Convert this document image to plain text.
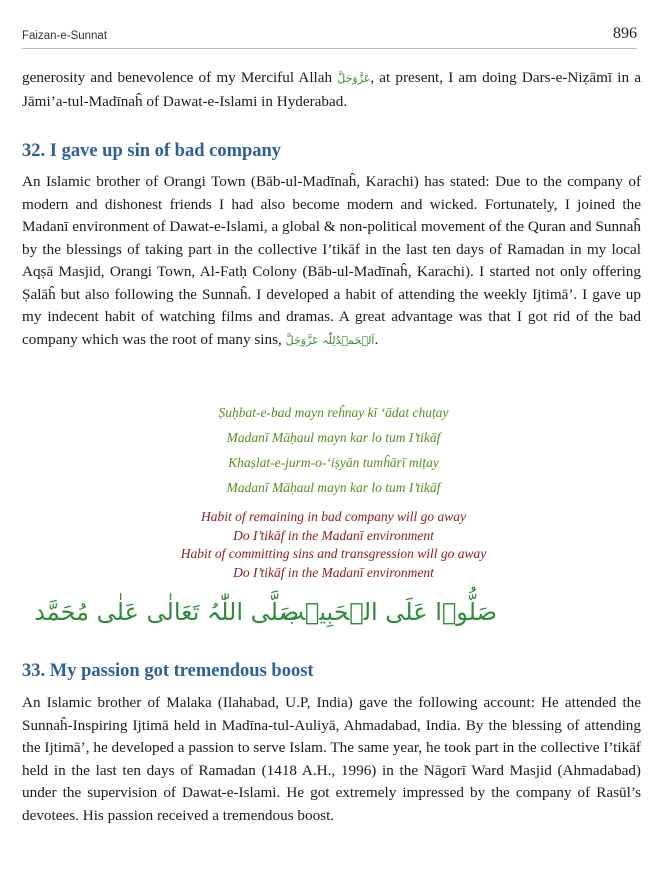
Faizan-e-Sunnat	896

generosity and benevolence of my Merciful Allah عَزَّوَجَلَّ, at present, I am doing Dars-e-Niẓāmī in a Jāmi’a-tul-Madīnaĥ of Dawat-e-Islami in Hyderabad.

32. I gave up sin of bad company

An Islamic brother of Orangi Town (Bāb-ul-Madīnaĥ, Karachi) has stated: Due to the company of modern and dishonest friends I had also become modern and wicked. Fortunately, I joined the Madanī environment of Dawat-e-Islami, a global & non-political movement of the Quran and Sunnaĥ by the blessings of taking part in the collective I’tikāf in the last ten days of Ramadan in my local Aqṣā Masjid, Orangi Town, Al-Fatḥ Colony (Bāb-ul-Madīnaĥ, Karachi). I started not only offering Ṣalāĥ but also following the Sunnaĥ. I developed a habit of attending the weekly Ijtimā’. I gave up my indecent habit of watching films and dramas. A great advantage was that I got rid of the bad company which was the root of many sins, اَلۡحَمۡدُلِلّٰہ عَزَّوَجَلَّ.

Ṣuḥbat-e-bad mayn reĥnay kī ‘ādat chuṭay
Madanī Māḥaul mayn kar lo tum I’tikāf
Khaṣlat-e-jurm-o-‘iṣyān tumĥārī miṭay
Madanī Māḥaul mayn kar lo tum I’tikāf
Habit of remaining in bad company will go away
Do I’tikāf in the Madanī environment
Habit of committing sins and transgression will go away
Do I’tikāf in the Madanī environment
صَلُّوۡا عَلَی الۡحَبِیۡب
صَلَّی اللّٰہُ تَعَالٰی عَلٰی مُحَمَّد
33. My passion got tremendous boost

An Islamic brother of Malaka (Ilahabad, U.P, India) gave the following account: He attended the Sunnaĥ-Inspiring Ijtimā held in Madīna-tul-Auliyā, Ahmadabad, India. By the blessing of attending the Ijtimā’, he developed a passion to serve Islam. The same year, he took part in the collective I’tikāf held in the last ten days of Ramadan (1418 A.H., 1996) in the Nāgorī Ward Masjid (Ahmadabad) under the supervision of Dawat-e-Islami. He got extremely impressed by the company of Rasūl’s devotees. His passion received a tremendous boost.
